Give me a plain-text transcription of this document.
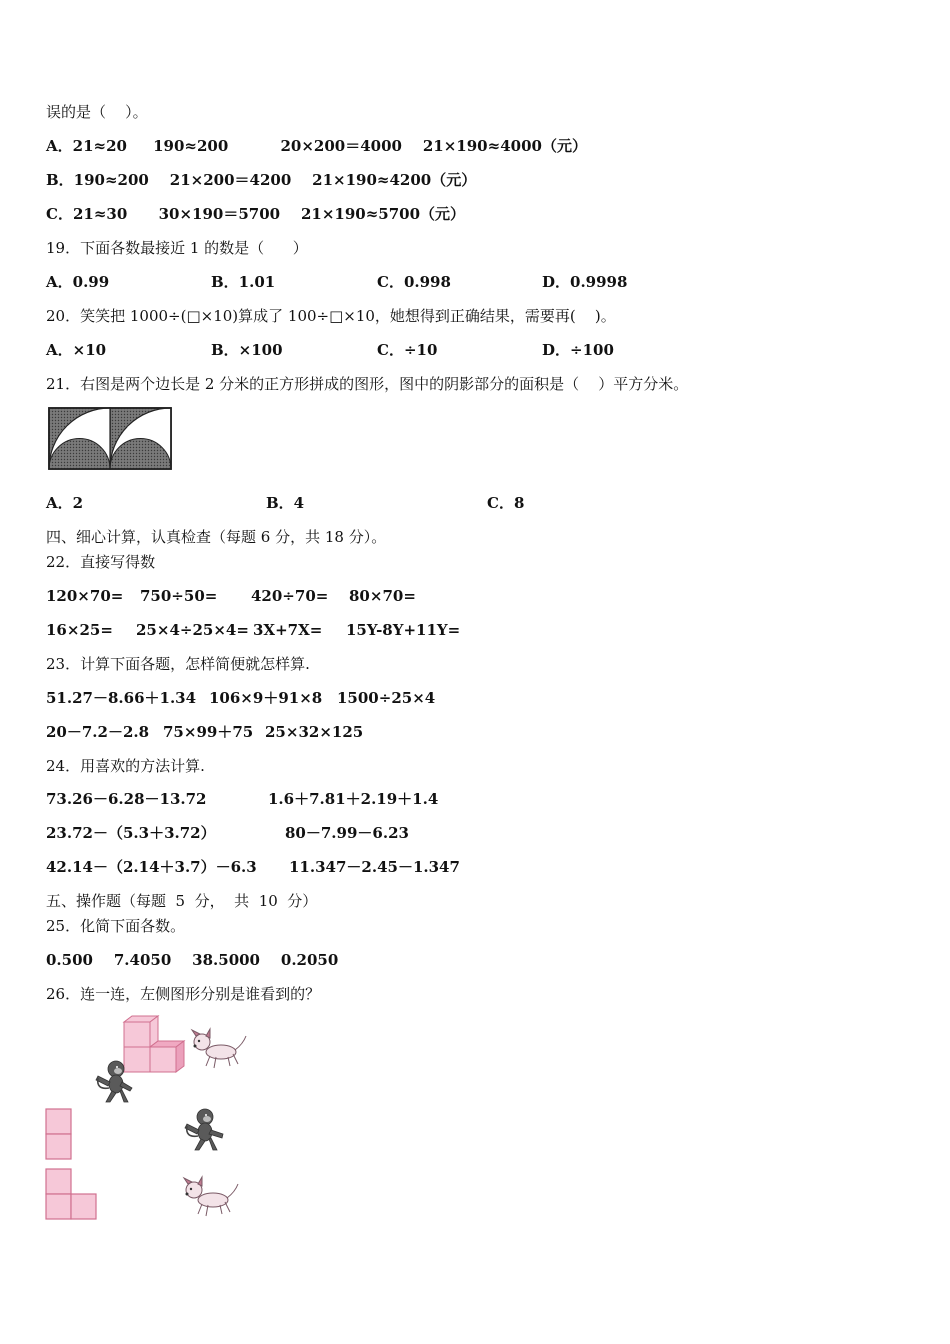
误的是（    ）。
A．21≈20     190≈200          20×200＝4000    21×190≈4000（元）
B．190≈200    21×200＝4200    21×190≈4200（元）
C．21≈30      30×190＝5700    21×190≈5700（元）
19．下面各数最接近 1 的数是（      ）
A．0.99	B．1.01	C．0.998	D．0.9998
20．笑笑把 1000÷(□×10)算成了 100÷□×10，她想得到正确结果，需要再(    )。
A．×10	B．×100	C．÷10	D．÷100
21．右图是两个边长是 2 分米的正方形拼成的图形，图中的阴影部分的面积是（    ）平方分米。
A．2	B．4	C．8
四、细心计算，认真检查（每题 6 分，共 18 分）。
22．直接写得数
120×70= 750÷50= 420÷70= 80×70=
16×25= 25×4÷25×4= 3X+7X= 15Y-8Y+11Y=
23．计算下面各题，怎样简便就怎样算.
51.27－8.66＋1.34 106×9＋91×8 1500÷25×4
20－7.2－2.8 75×99＋75 25×32×125
24．用喜欢的方法计算.
73.26－6.28－13.72	1.6＋7.81＋2.19＋1.4
23.72－（5.3＋3.72）	80－7.99－6.23
42.14－（2.14＋3.7）－6.3 11.347－2.45－1.347
五、操作题（每题  5  分，  共  10  分）
25．化简下面各数。
0.500    7.4050    38.5000    0.2050
26．连一连，左侧图形分别是谁看到的？
